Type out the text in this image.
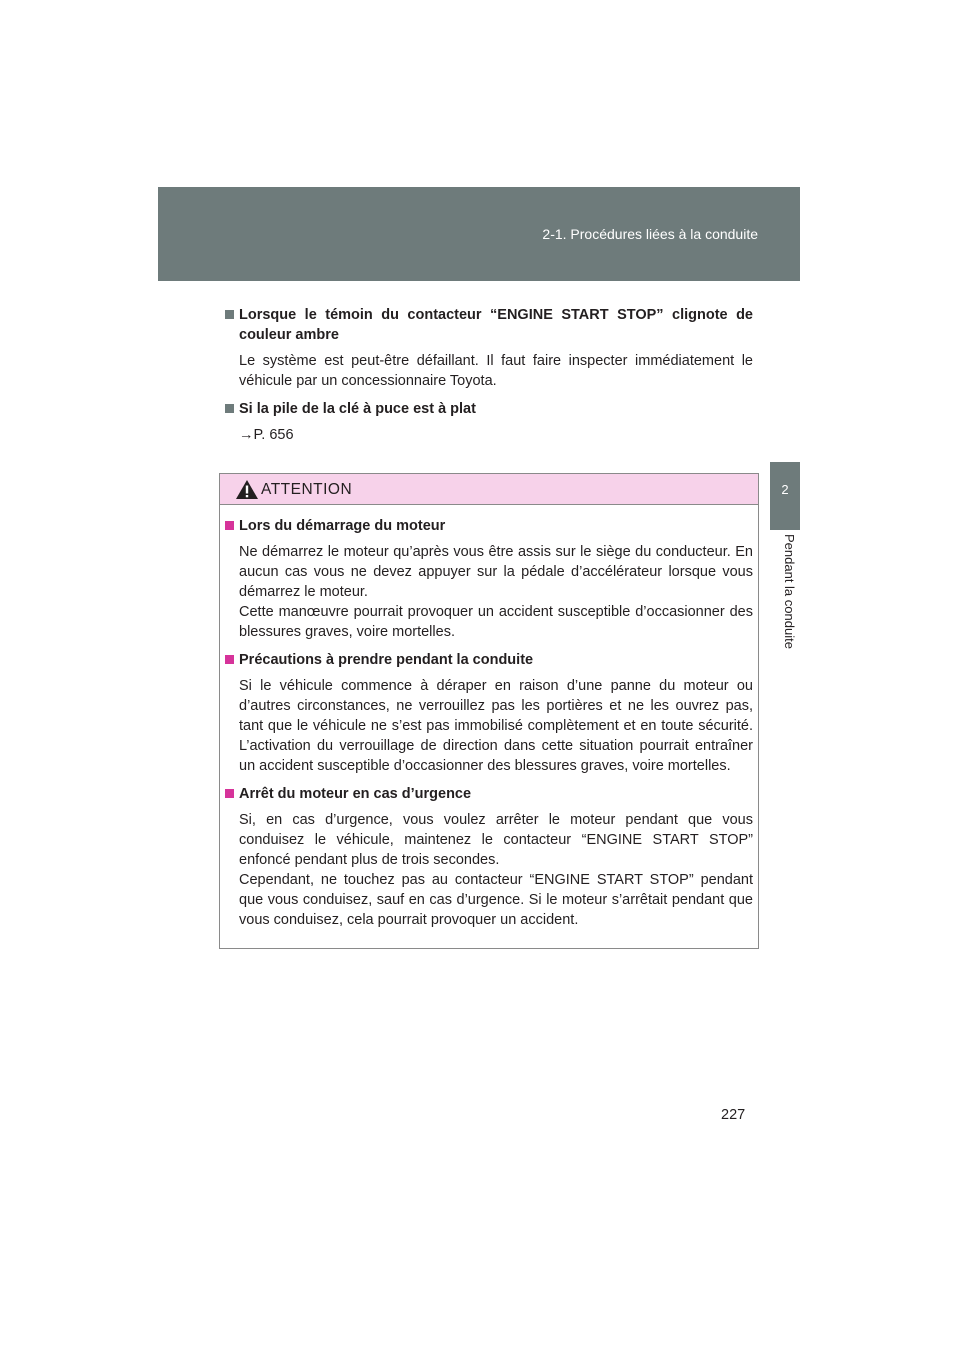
2-1. Procédures liées à la conduite
2
Pendant la conduite
Lorsque le témoin du contacteur “ENGINE START STOP” clignote de couleur ambre
Le système est peut-être défaillant. Il faut faire inspecter immédiatement le véhicule par un concessionnaire Toyota.
Si la pile de la clé à puce est à plat
→P. 656
ATTENTION
Lors du démarrage du moteur
Ne démarrez le moteur qu’après vous être assis sur le siège du conducteur. En aucun cas vous ne devez appuyer sur la pédale d’accélérateur lorsque vous démarrez le moteur.
Cette manœuvre pourrait provoquer un accident susceptible d’occasionner des blessures graves, voire mortelles.
Précautions à prendre pendant la conduite
Si le véhicule commence à déraper en raison d’une panne du moteur ou d’autres circonstances, ne verrouillez pas les portières et ne les ouvrez pas, tant que le véhicule ne s’est pas immobilisé complètement et en toute sécurité. L’activation du verrouillage de direction dans cette situation pourrait entraîner un accident susceptible d’occasionner des blessures graves, voire mortelles.
Arrêt du moteur en cas d’urgence
Si, en cas d’urgence, vous voulez arrêter le moteur pendant que vous conduisez le véhicule, maintenez le contacteur “ENGINE START STOP” enfoncé pendant plus de trois secondes.
Cependant, ne touchez pas au contacteur “ENGINE START STOP” pendant que vous conduisez, sauf en cas d’urgence. Si le moteur s’arrêtait pendant que vous conduisez, cela pourrait provoquer un accident.
227
